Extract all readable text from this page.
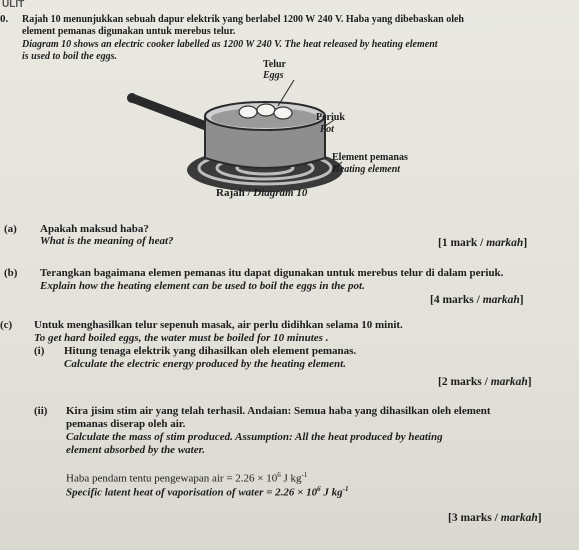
ULIT
0. Rajah 10 menunjukkan sebuah dapur elektrik yang berlabel 1200 W 240 V. Haba yang dibebaskan oleh
element pemanas digunakan untuk merebus telur.
Diagram 10 shows an electric cooker labelled as 1200 W 240 V. The heat released by heating element
is used to boil the eggs.
Telur
Eggs
Periuk
Pot
Element pemanas
Heating element
Rajah / Diagram 10
(a) Apakah maksud haba?
What is the meaning of heat?	[1 mark / markah]
(b) Terangkan bagaimana elemen pemanas itu dapat digunakan untuk merebus telur di dalam periuk.
Explain how the heating element can be used to boil the eggs in the pot.
[4 marks / markah]
(c) Untuk menghasilkan telur sepenuh masak, air perlu didihkan selama 10 minit.
To get hard boiled eggs, the water must be boiled for 10 minutes .
(i) Hitung tenaga elektrik yang dihasilkan oleh element pemanas.
Calculate the electric energy produced by the heating element.
[2 marks / markah]
(ii) Kira jisim stim air yang telah terhasil. Andaian: Semua haba yang dihasilkan oleh element
pemanas diserap oleh air.
Calculate the mass of stim produced. Assumption: All the heat produced by heating
element absorbed by the water.
Haba pendam tentu pengewapan air = $2.26 \times 10^6$ J $kg^{-1}$
Specific latent heat of vaporisation of water = $2.26 \times 10^6$ J $kg^{-1}$
[3 marks / markah]
